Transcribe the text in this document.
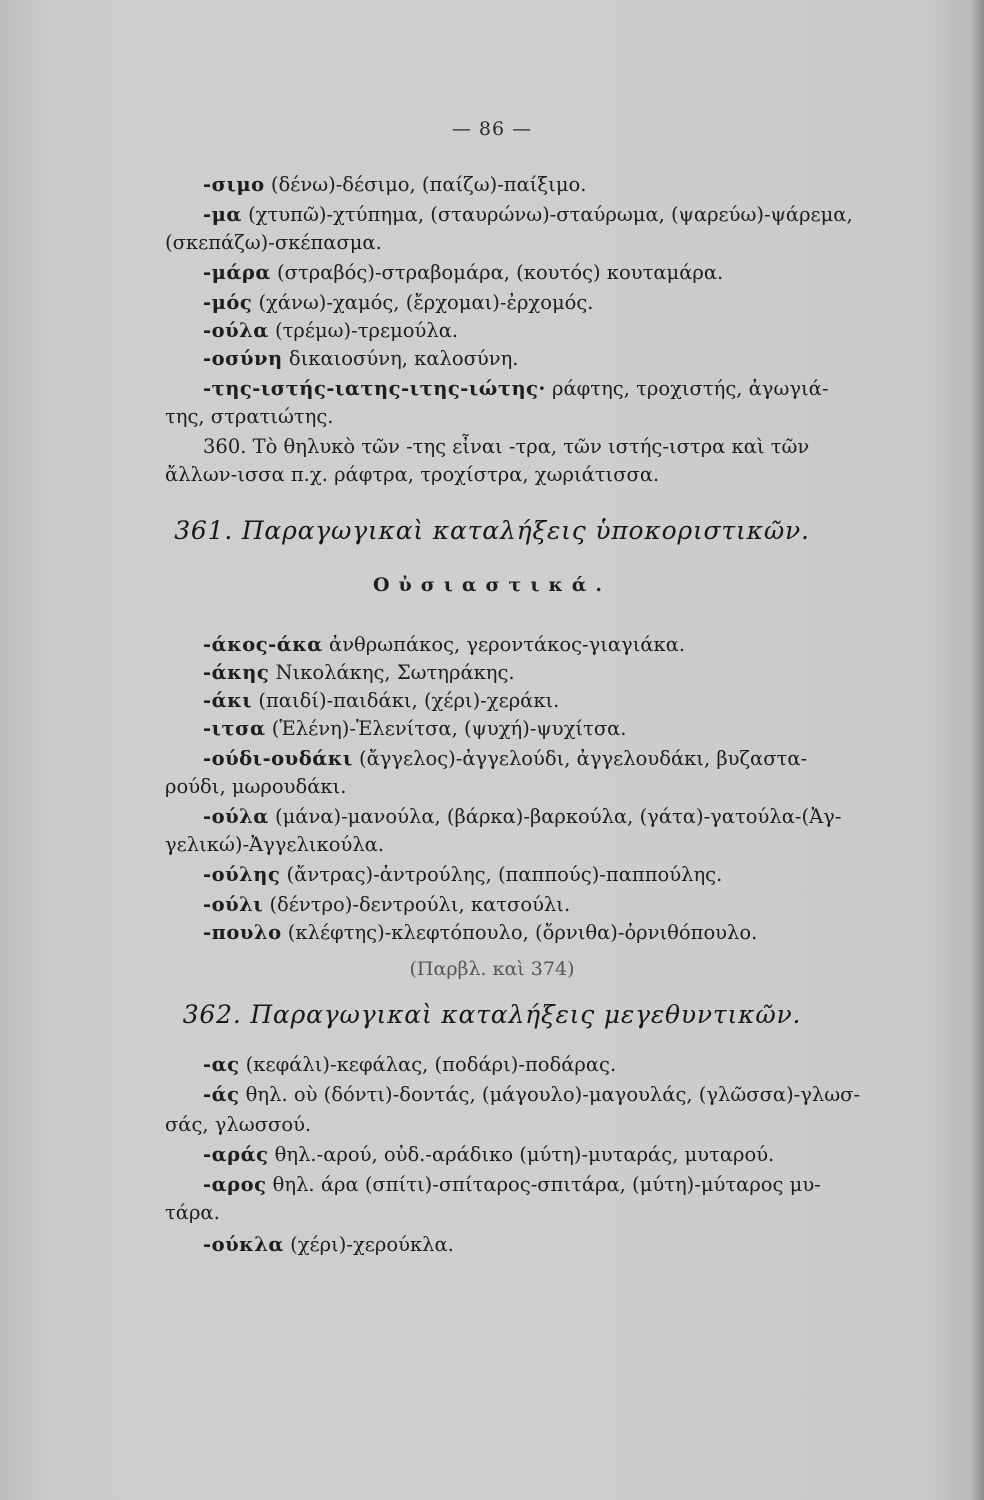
— 86 —
-σιμο (δένω)-δέσιμο, (παίζω)-παίξιμο.
-μα (χτυπῶ)-χτύπημα, (σταυρώνω)-σταύρωμα, (ψαρεύω)-ψάρεμα,
(σκεπάζω)-σκέπασμα.
-μάρα (στραβός)-στραβομάρα, (κουτός) κουταμάρα.
-μός (χάνω)-χαμός, (ἔρχομαι)-ἐρχομός.
-ούλα (τρέμω)-τρεμούλα.
-οσύνη δικαιοσύνη, καλοσύνη.
-της-ιστής-ιατης-ιτης-ιώτης· ράφτης, τροχιστής, ἀγωγιά-
της, στρατιώτης.
360. Τὸ θηλυκὸ τῶν -της εἶναι -τρα, τῶν ιστής-ιστρα καὶ τῶν
ἄλλων-ισσα π.χ. ράφτρα, τροχίστρα, χωριάτισσα.
361. Παραγωγικαὶ καταλήξεις ὑποκοριστικῶν.
Οὐσιαστικά.
-άκος-άκα ἀνθρωπάκος, γεροντάκος-γιαγιάκα.
-άκης Νικολάκης, Σωτηράκης.
-άκι (παιδί)-παιδάκι, (χέρι)-χεράκι.
-ιτσα (Ἑλένη)-Ἑλενίτσα, (ψυχή)-ψυχίτσα.
-ούδι-ουδάκι (ἄγγελος)-ἀγγελούδι, ἀγγελουδάκι, βυζαστα-
ρούδι, μωρουδάκι.
-ούλα (μάνα)-μανούλα, (βάρκα)-βαρκούλα, (γάτα)-γατούλα-(Ἀγ-
γελικώ)-Ἀγγελικούλα.
-ούλης (ἄντρας)-ἀντρούλης, (παππούς)-παππούλης.
-ούλι (δέντρο)-δεντρούλι, κατσούλι.
-πουλο (κλέφτης)-κλεφτόπουλο, (ὄρνιθα)-ὀρνιθόπουλο.
(Παρβλ. καὶ 374)
362. Παραγωγικαὶ καταλήξεις μεγεθυντικῶν.
-ας (κεφάλι)-κεφάλας, (ποδάρι)-ποδάρας.
-άς θηλ. οὺ (δόντι)-δοντάς, (μάγουλο)-μαγουλάς, (γλῶσσα)-γλωσ-
σάς, γλωσσού.
-αράς θηλ.-αρού, οὐδ.-αράδικο (μύτη)-μυταράς, μυταρού.
-αρος θηλ. άρα (σπίτι)-σπίταρος-σπιτάρα, (μύτη)-μύταρος μυ-
τάρα.
-ούκλα (χέρι)-χερούκλα.
